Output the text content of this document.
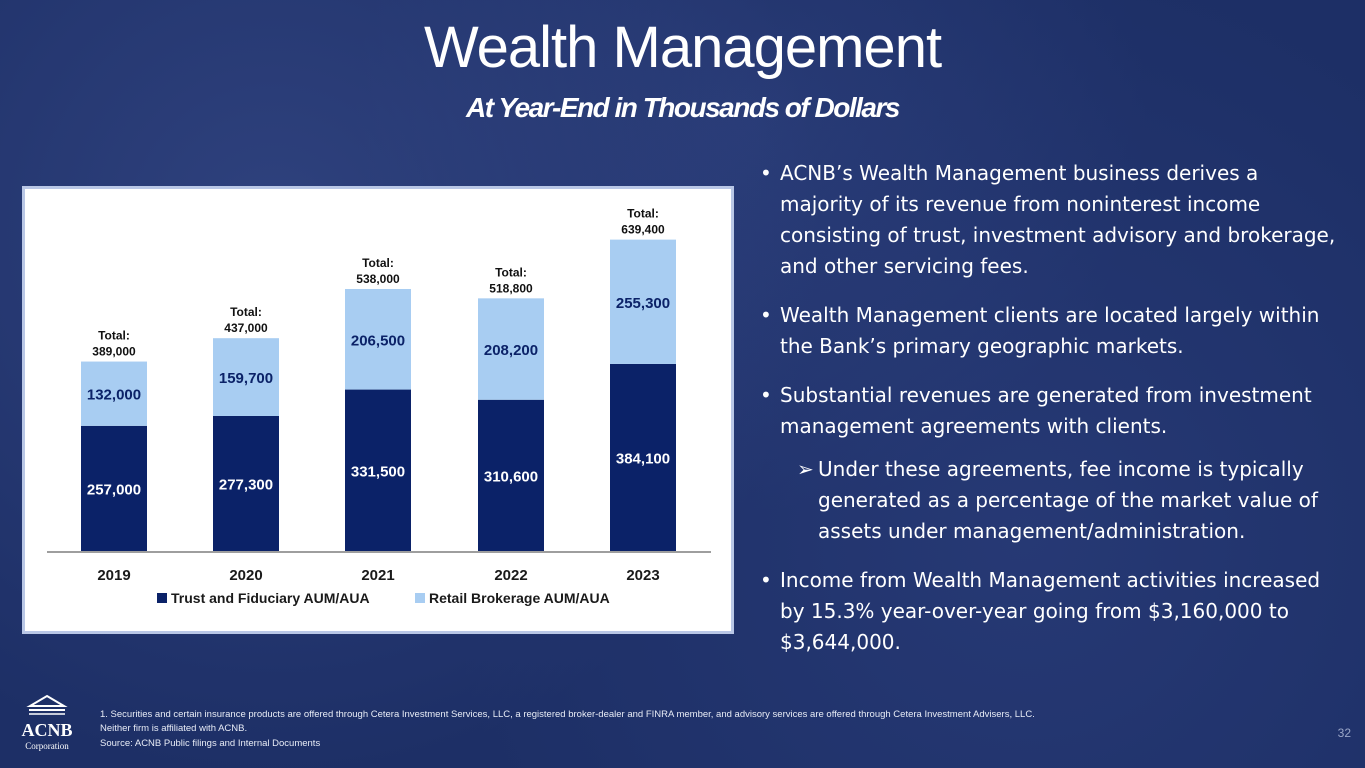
Wealth Management
At Year-End in Thousands of Dollars
257,000
132,000
Total:
389,000
2019
277,300
159,700
Total:
437,000
2020
331,500
206,500
Total:
538,000
2021
310,600
208,200
Total:
518,800
2022
384,100
255,300
Total:
639,400
2023
Trust and Fiduciary AUM/AUA	Retail Brokerage AUM/AUA
• ACNB’s Wealth Management business derives a majority of its revenue from noninterest income consisting of trust, investment advisory and brokerage, and other servicing fees.
• Wealth Management clients are located largely within the Bank’s primary geographic markets.
• Substantial revenues are generated from investment management agreements with clients.
➢ Under these agreements, fee income is typically generated as a percentage of the market value of assets under management/administration.
• Income from Wealth Management activities increased by 15.3% year-over-year going from $3,160,000 to $3,644,000.
ACNB
Corporation
1. Securities and certain insurance products are offered through Cetera Investment Services, LLC, a registered broker-dealer and FINRA member, and advisory services are offered through Cetera Investment Advisers, LLC.
Neither firm is affiliated with ACNB.
Source: ACNB Public filings and Internal Documents
32
